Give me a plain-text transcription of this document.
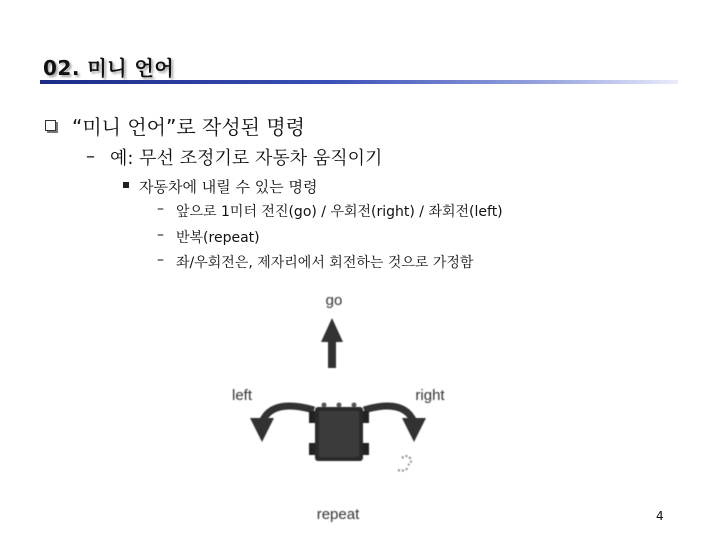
02. 미니 언어
“미니 언어”로 작성된 명령
– 예: 무선 조정기로 자동차 움직이기
자동차에 내릴 수 있는 명령
– 앞으로 1미터 전진(go) / 우회전(right) / 좌회전(left)
– 반복(repeat)
– 좌/우회전은, 제자리에서 회전하는 것으로 가정함
go
left	right
repeat	4
